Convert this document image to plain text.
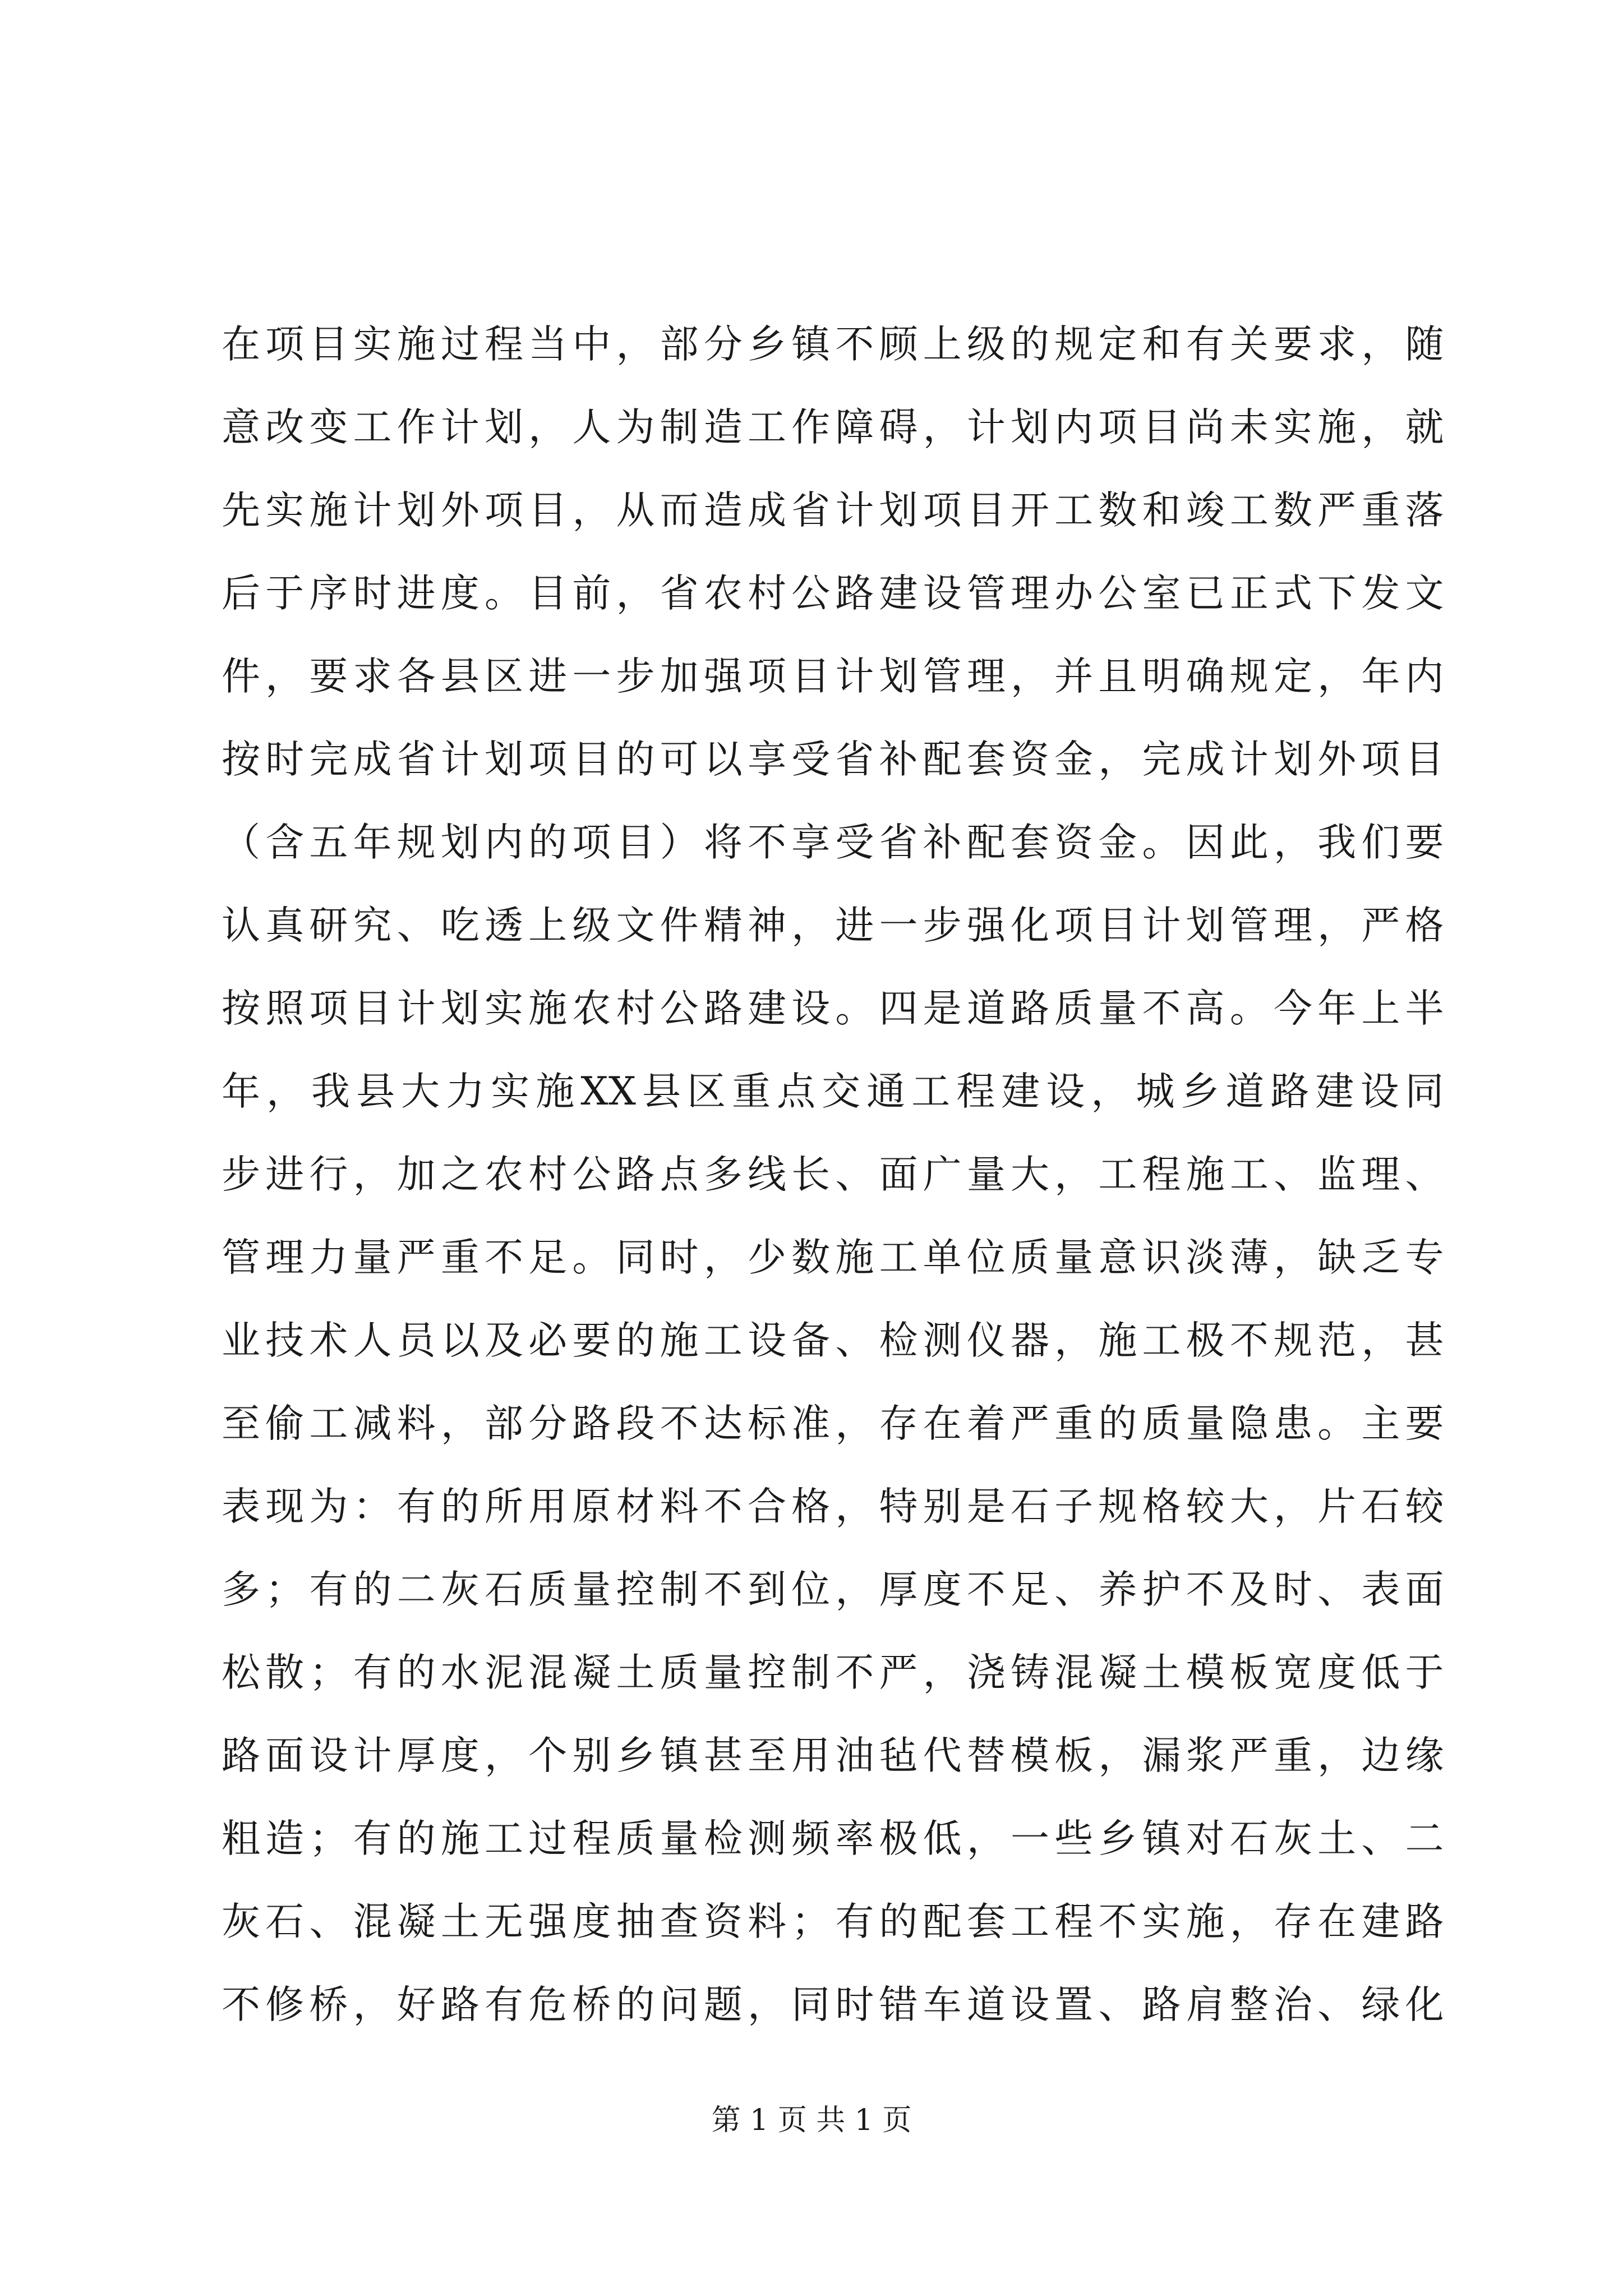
在项目实施过程当中，部分乡镇不顾上级的规定和有关要求，随
意改变工作计划，人为制造工作障碍，计划内项目尚未实施，就
先实施计划外项目，从而造成省计划项目开工数和竣工数严重落
后于序时进度。目前，省农村公路建设管理办公室已正式下发文
件，要求各县区进一步加强项目计划管理，并且明确规定，年内
按时完成省计划项目的可以享受省补配套资金，完成计划外项目
（含五年规划内的项目）将不享受省补配套资金。因此，我们要
认真研究、吃透上级文件精神，进一步强化项目计划管理，严格
按照项目计划实施农村公路建设。四是道路质量不高。今年上半
年，我县大力实施XX县区重点交通工程建设，城乡道路建设同
步进行，加之农村公路点多线长、面广量大，工程施工、监理、
管理力量严重不足。同时，少数施工单位质量意识淡薄，缺乏专
业技术人员以及必要的施工设备、检测仪器，施工极不规范，甚
至偷工减料，部分路段不达标准，存在着严重的质量隐患。主要
表现为：有的所用原材料不合格，特别是石子规格较大，片石较
多；有的二灰石质量控制不到位，厚度不足、养护不及时、表面
松散；有的水泥混凝土质量控制不严，浇铸混凝土模板宽度低于
路面设计厚度，个别乡镇甚至用油毡代替模板，漏浆严重，边缘
粗造；有的施工过程质量检测频率极低，一些乡镇对石灰土、二
灰石、混凝土无强度抽查资料；有的配套工程不实施，存在建路
不修桥，好路有危桥的问题，同时错车道设置、路肩整治、绿化
第 1 页 共 1 页
